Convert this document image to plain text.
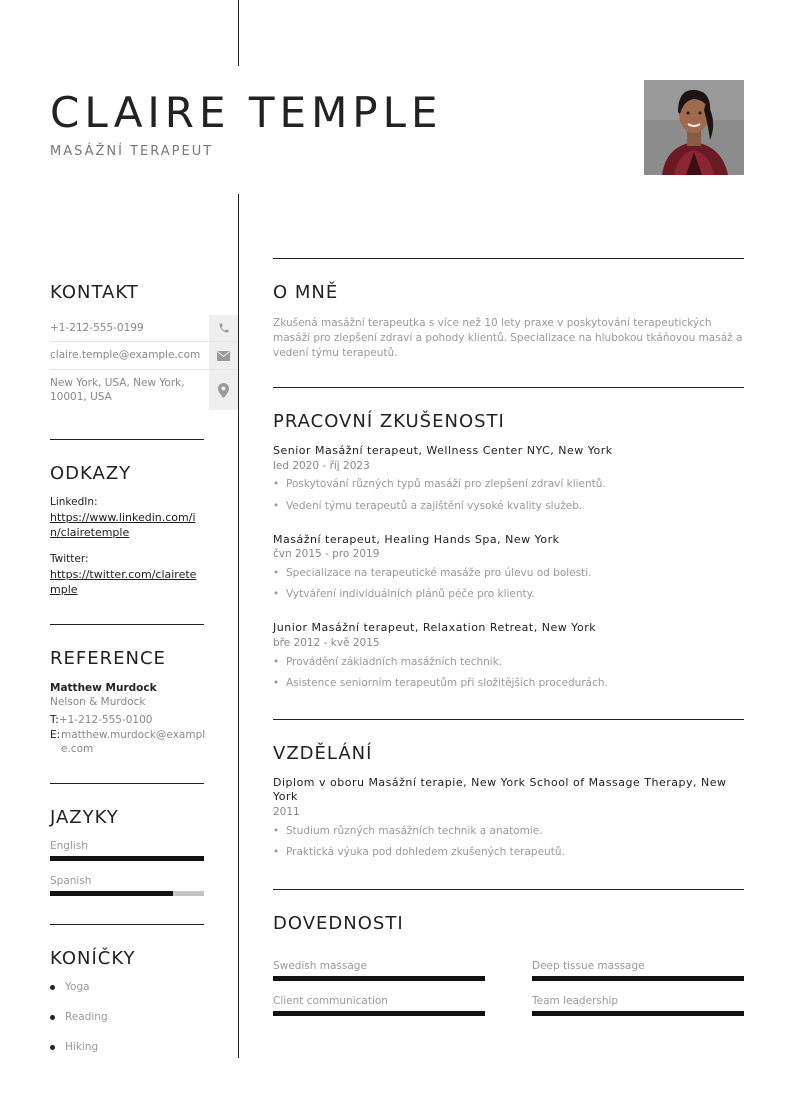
CLAIRE TEMPLE
MASÁŽNÍ TERAPEUT
KONTAKT
+1-212-555-0199
claire.temple@example.com
New York, USA, New York, 10001, USA
ODKAZY
LinkedIn:
https://www.linkedin.com/in/clairetemple
Twitter:
https://twitter.com/clairetemple
REFERENCE
Matthew Murdock
Nelson & Murdock
T:+1-212-555-0100
E: matthew.murdock@example.com
JAZYKY
English
Spanish
KONÍČKY
Yoga
Reading
Hiking
O MNĚ
Zkušená masážní terapeutka s více než 10 lety praxe v poskytování terapeutických masáží pro zlepšení zdraví a pohody klientů. Specializace na hlubokou tkáňovou masáž a vedení týmu terapeutů.
PRACOVNÍ ZKUŠENOSTI
Senior Masážní terapeut, Wellness Center NYC, New York
led 2020 - říj 2023
• Poskytování různých typů masáží pro zlepšení zdraví klientů.
• Vedení týmu terapeutů a zajištění vysoké kvality služeb.
Masážní terapeut, Healing Hands Spa, New York
čvn 2015 - pro 2019
• Specializace na terapeutické masáže pro úlevu od bolesti.
• Vytváření individuálních plánů péče pro klienty.
Junior Masážní terapeut, Relaxation Retreat, New York
bře 2012 - kvě 2015
• Provádění základních masážních technik.
• Asistence seniorním terapeutům při složitějších procedurách.
VZDĚLÁNÍ
Diplom v oboru Masážní terapie, New York School of Massage Therapy, New York
2011
• Studium různých masážních technik a anatomie.
• Praktická výuka pod dohledem zkušených terapeutů.
DOVEDNOSTI
Swedish massage	Deep tissue massage
Client communication	Team leadership
